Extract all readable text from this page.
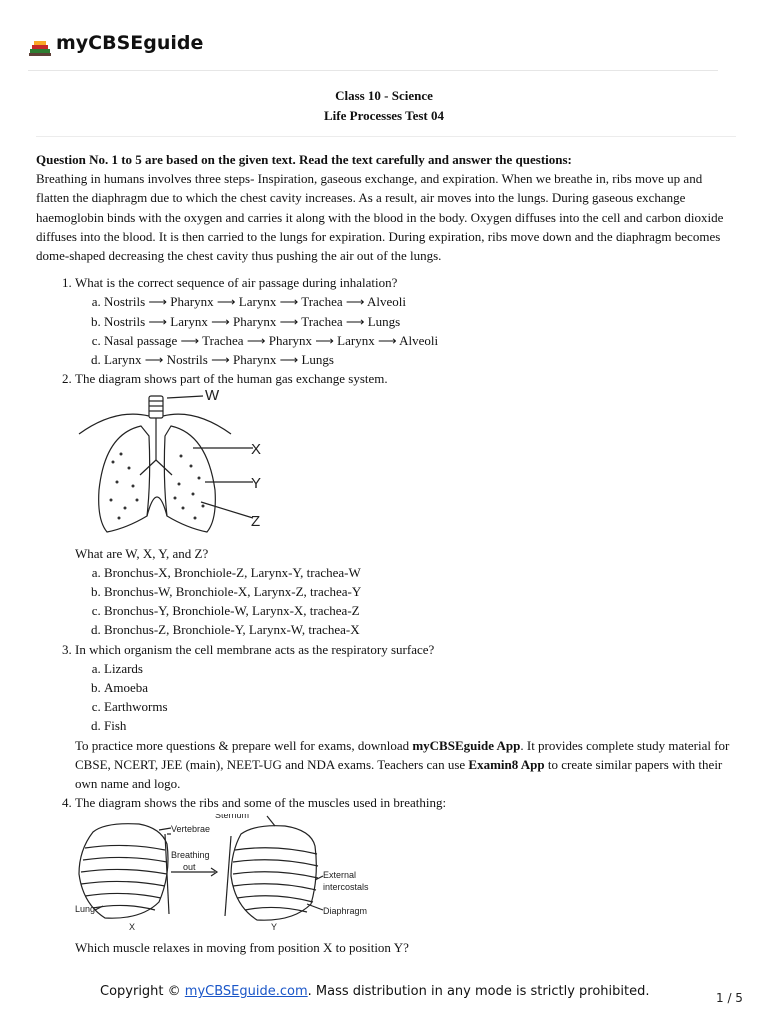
myCBSEguide
Class 10 - Science
Life Processes Test 04

Question No. 1 to 5 are based on the given text. Read the text carefully and answer the questions:

Breathing in humans involves three steps- Inspiration, gaseous exchange, and expiration. When we breathe in, ribs move up and flatten the diaphragm due to which the chest cavity increases. As a result, air moves into the lungs. During gaseous exchange haemoglobin binds with the oxygen and carries it along with the blood in the body. Oxygen diffuses into the cell and carbon dioxide diffuses into the blood. It is then carried to the lungs for expiration. During expiration, ribs move down and the diaphragm becomes dome-shaped decreasing the chest cavity thus pushing the air out of the lungs.

1. What is the correct sequence of air passage during inhalation?
a. Nostrils ⟶ Pharynx ⟶ Larynx ⟶ Trachea ⟶ Alveoli
b. Nostrils ⟶ Larynx ⟶ Pharynx ⟶ Trachea ⟶ Lungs
c. Nasal passage ⟶ Trachea ⟶ Pharynx ⟶ Larynx ⟶ Alveoli
d. Larynx ⟶ Nostrils ⟶ Pharynx ⟶ Lungs
2. The diagram shows part of the human gas exchange system.
W
X
Y
Z
What are W, X, Y, and Z?
a. Bronchus-X, Bronchiole-Z, Larynx-Y, trachea-W
b. Bronchus-W, Bronchiole-X, Larynx-Z, trachea-Y
c. Bronchus-Y, Bronchiole-W, Larynx-X, trachea-Z
d. Bronchus-Z, Bronchiole-Y, Larynx-W, trachea-X
3. In which organism the cell membrane acts as the respiratory surface?
a. Lizards
b. Amoeba
c. Earthworms
d. Fish

To practice more questions & prepare well for exams, download myCBSEguide App. It provides complete study material for CBSE, NCERT, JEE (main), NEET-UG and NDA exams. Teachers can use Examin8 App to create similar papers with their own name and logo.

4. The diagram shows the ribs and some of the muscles used in breathing:
Sternum
Vertebrae
Breathing
out
Lung
X	Y
External
intercostals
Diaphragm
Which muscle relaxes in moving from position X to position Y?
Copyright © myCBSEguide.com. Mass distribution in any mode is strictly prohibited.	1 / 5
